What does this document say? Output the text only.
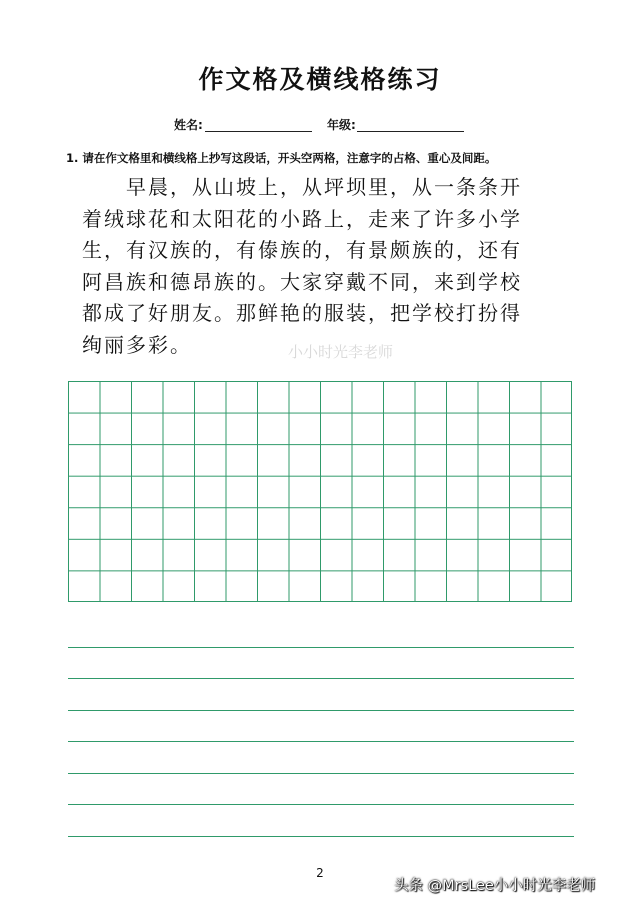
作文格及横线格练习
姓名:	年级:
1. 请在作文格里和横线格上抄写这段话，开头空两格，注意字的占格、重心及间距。

　　早晨，从山坡上，从坪坝里，从一条条开

着绒球花和太阳花的小路上，走来了许多小学

生，有汉族的，有傣族的，有景颇族的，还有

阿昌族和德昂族的。大家穿戴不同，来到学校

都成了好朋友。那鲜艳的服装，把学校打扮得

绚丽多彩。	小小时光李老师
2
头条 @MrsLee小小时光李老师
